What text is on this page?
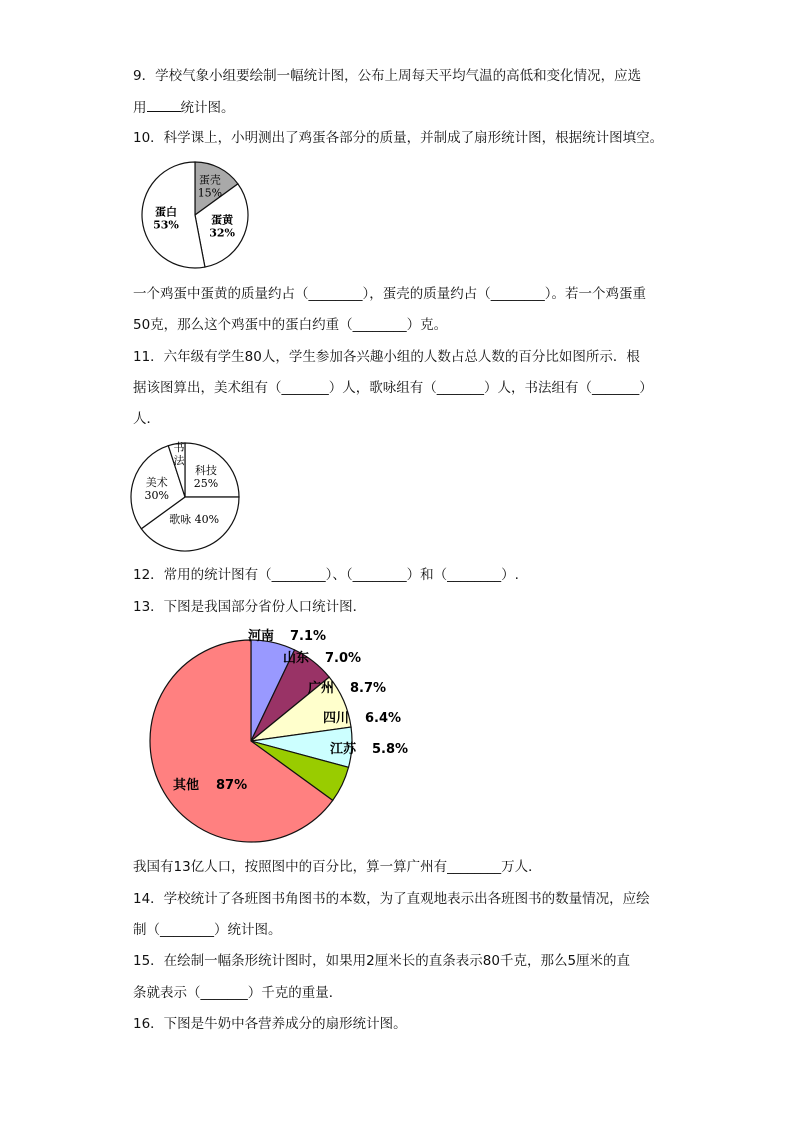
9．学校气象小组要绘制一幅统计图，公布上周每天平均气温的高低和变化情况，应选
用	统计图。
10．科学课上，小明测出了鸡蛋各部分的质量，并制成了扇形统计图，根据统计图填空。
蛋壳
15%
蛋黄
32%
蛋白
53%
一个鸡蛋中蛋黄的质量约占（________），蛋壳的质量约占（________）。若一个鸡蛋重
50克，那么这个鸡蛋中的蛋白约重（________）克。
11．六年级有学生80人，学生参加各兴趣小组的人数占总人数的百分比如图所示．根
据该图算出，美术组有（_______）人，歌咏组有（_______）人，书法组有（_______）
人．
科技
25%
歌咏 40%
美术
30%
书
法
12．常用的统计图有（________）、（________）和（________）.
13．下图是我国部分省份人口统计图．
河南 7.1%
山东 7.0%
广州 8.7%
四川 6.4%
江苏 5.8%
其他 87%
我国有13亿人口，按照图中的百分比，算一算广州有________万人．
14．学校统计了各班图书角图书的本数，为了直观地表示出各班图书的数量情况，应绘
制（________）统计图。
15．在绘制一幅条形统计图时，如果用2厘米长的直条表示80千克，那么5厘米的直
条就表示（_______）千克的重量．
16．下图是牛奶中各营养成分的扇形统计图。
